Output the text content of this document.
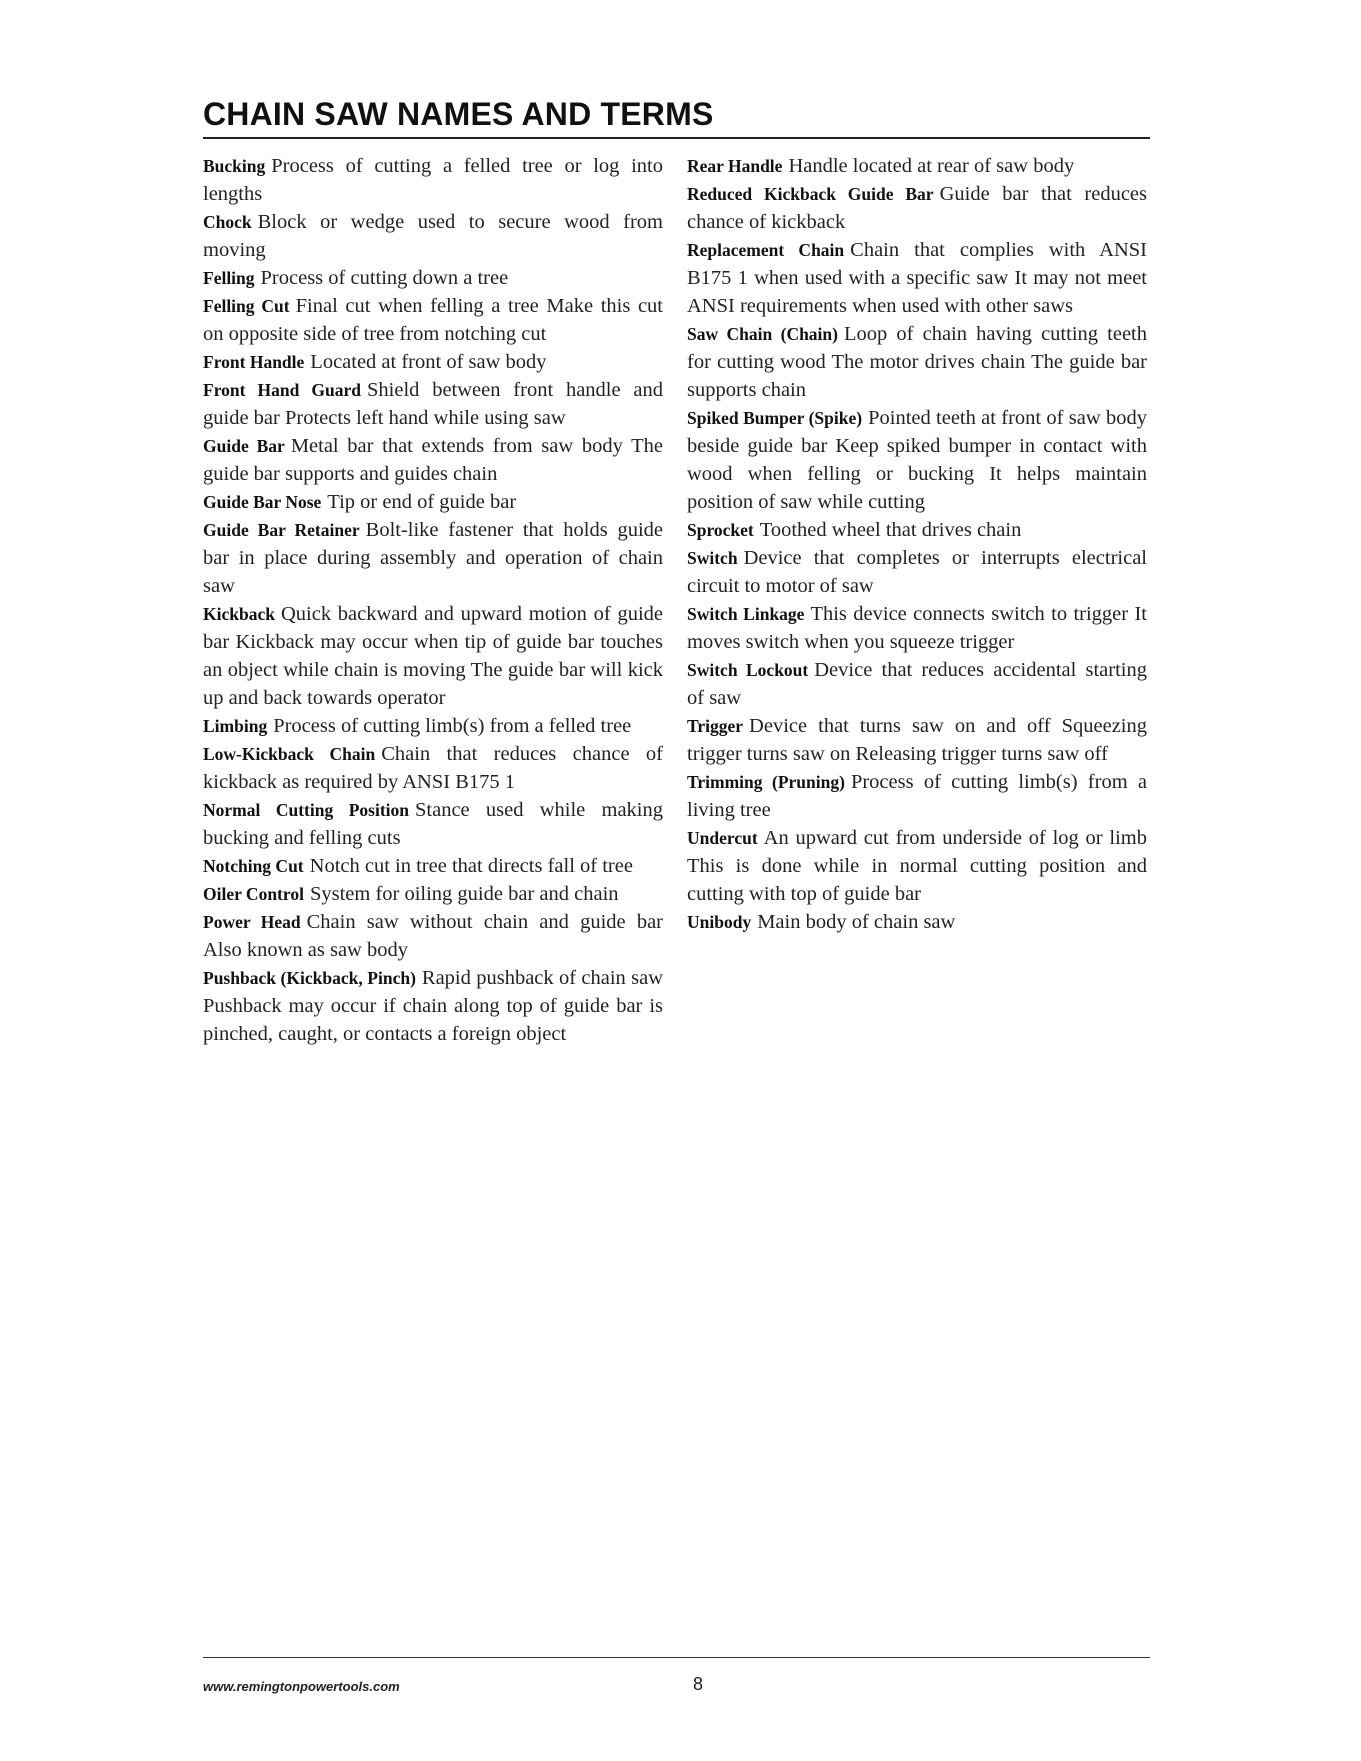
CHAIN SAW NAMES AND TERMS

Bucking Process of cutting a felled tree or log into lengths

Chock Block or wedge used to secure wood from moving

Felling Process of cutting down a tree

Felling Cut Final cut when felling a tree Make this cut on opposite side of tree from notching cut

Front Handle Located at front of saw body

Front Hand Guard Shield between front handle and guide bar Protects left hand while using saw

Guide Bar Metal bar that extends from saw body The guide bar supports and guides chain

Guide Bar Nose Tip or end of guide bar

Guide Bar Retainer Bolt-like fastener that holds guide bar in place during assembly and operation of chain saw

Kickback Quick backward and upward motion of guide bar Kickback may occur when tip of guide bar touches an object while chain is moving The guide bar will kick up and back towards operator

Limbing Process of cutting limb(s) from a felled tree

Low-Kickback Chain Chain that reduces chance of kickback as required by ANSI B175 1

Normal Cutting Position Stance used while making bucking and felling cuts

Notching Cut Notch cut in tree that directs fall of tree

Oiler Control System for oiling guide bar and chain

Power Head Chain saw without chain and guide bar Also known as saw body

Pushback (Kickback, Pinch) Rapid pushback of chain saw Pushback may occur if chain along top of guide bar is pinched, caught, or contacts a foreign object

Rear Handle Handle located at rear of saw body

Reduced Kickback Guide Bar Guide bar that reduces chance of kickback

Replacement Chain Chain that complies with ANSI B175 1 when used with a specific saw It may not meet ANSI requirements when used with other saws

Saw Chain (Chain) Loop of chain having cutting teeth for cutting wood The motor drives chain The guide bar supports chain

Spiked Bumper (Spike) Pointed teeth at front of saw body beside guide bar Keep spiked bumper in contact with wood when felling or bucking It helps maintain position of saw while cutting

Sprocket Toothed wheel that drives chain

Switch Device that completes or interrupts electrical circuit to motor of saw

Switch Linkage This device connects switch to trigger It moves switch when you squeeze trigger

Switch Lockout Device that reduces accidental starting of saw

Trigger Device that turns saw on and off Squeezing trigger turns saw on Releasing trigger turns saw off

Trimming (Pruning) Process of cutting limb(s) from a living tree

Undercut An upward cut from underside of log or limb This is done while in normal cutting position and cutting with top of guide bar

Unibody Main body of chain saw

www.remingtonpowertools.com	8
